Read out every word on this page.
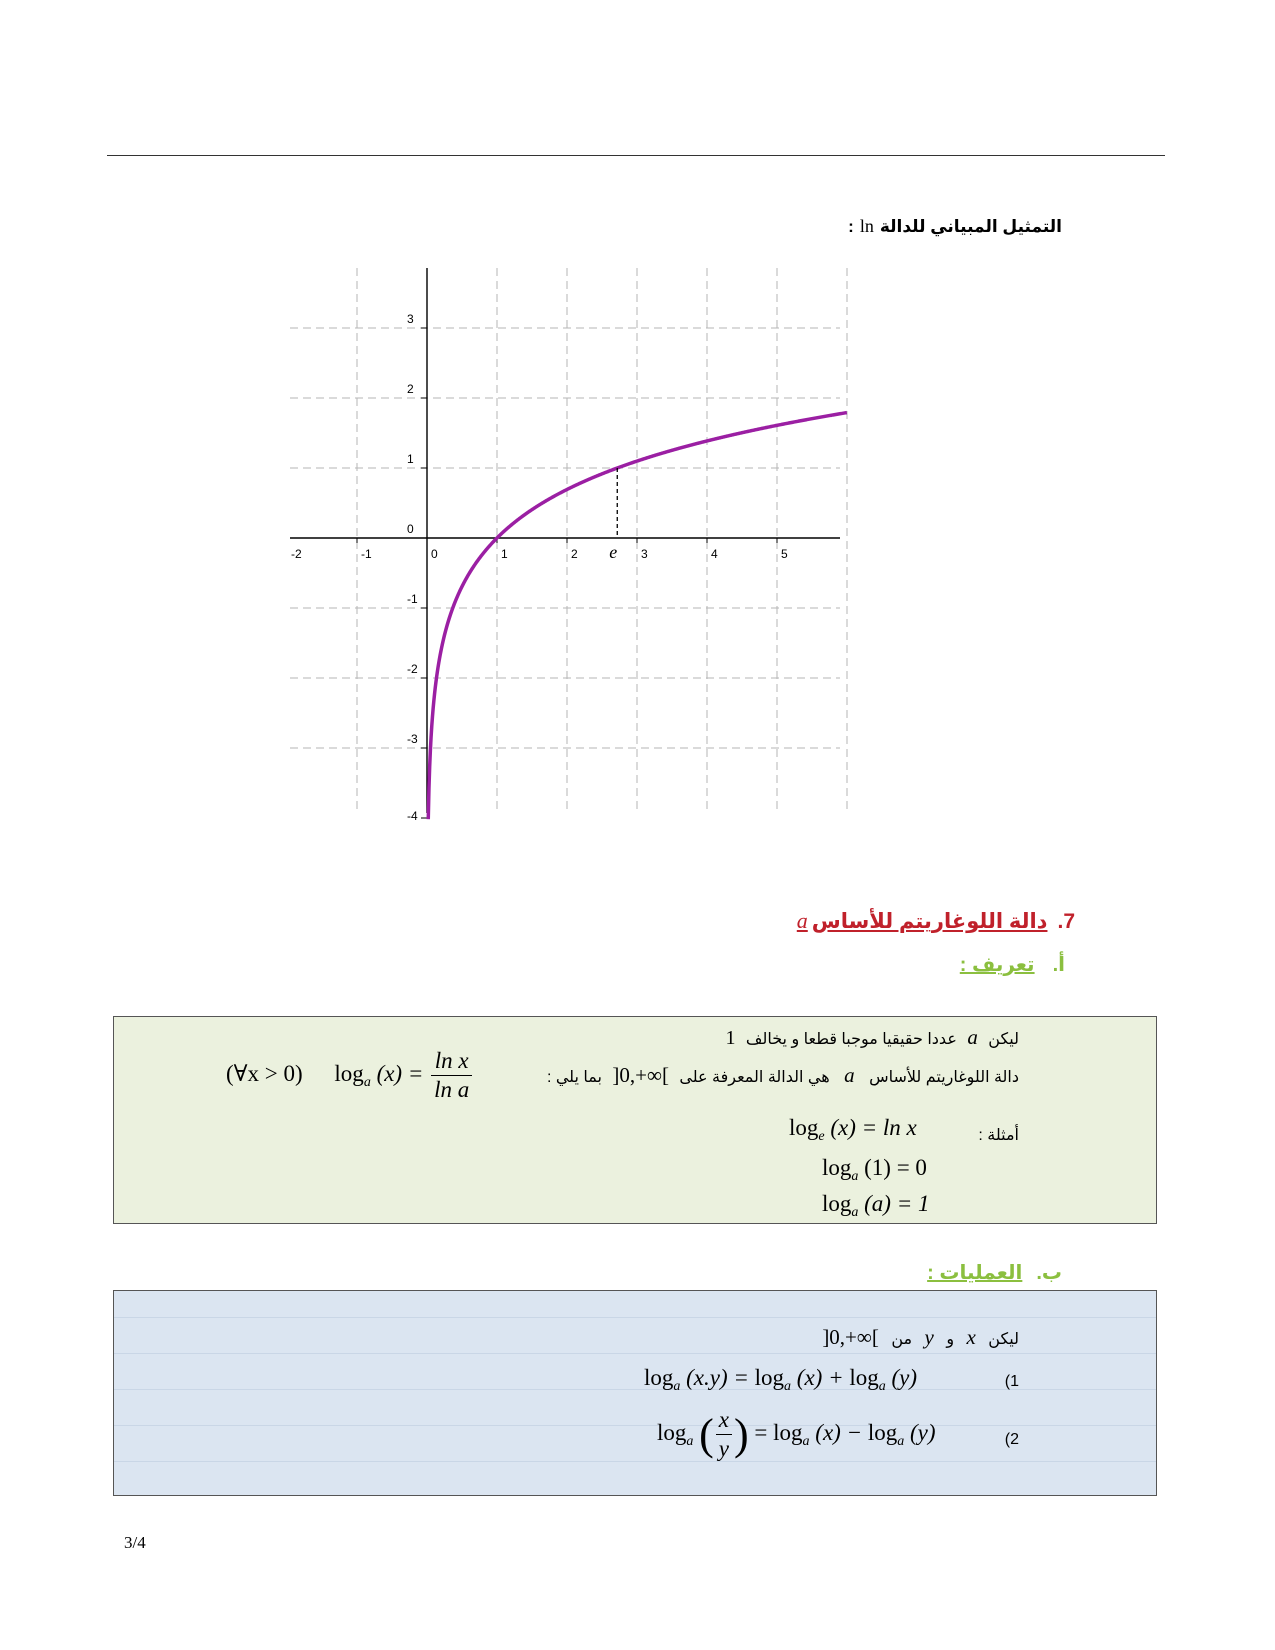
التمثيل المبياني للدالةln:
-2	-1	0	1	2	3	4	5
-4
-3
-2
-1
0
1
2
3
e
7.دالة اللوغاريتم للأساسa
أ.تعريف :
ليكن a عددا حقيقيا موجبا قطعا و يخالف 1
دالة اللوغاريتم للأساس a هي الدالة المعرفة على ]0,+∞[ بما يلي :
(∀x > 0) $\log_a (x) = \frac{\text{ln x}}{\text{ln a}}$
أمثلة :
$\log_e (x) = \ln x$
$\log_a (1) = 0$
$\log_a (a) = 1$
ب.العمليات :
ليكن x و y من ]0,+∞[
(1
$\log_a (x.y) = \log_a (x) + \log_a (y)$
(2
$\log_a$ ( $\frac{x}{y}$ ) = $\log_a (x) - \log_a (y)$
3/4
